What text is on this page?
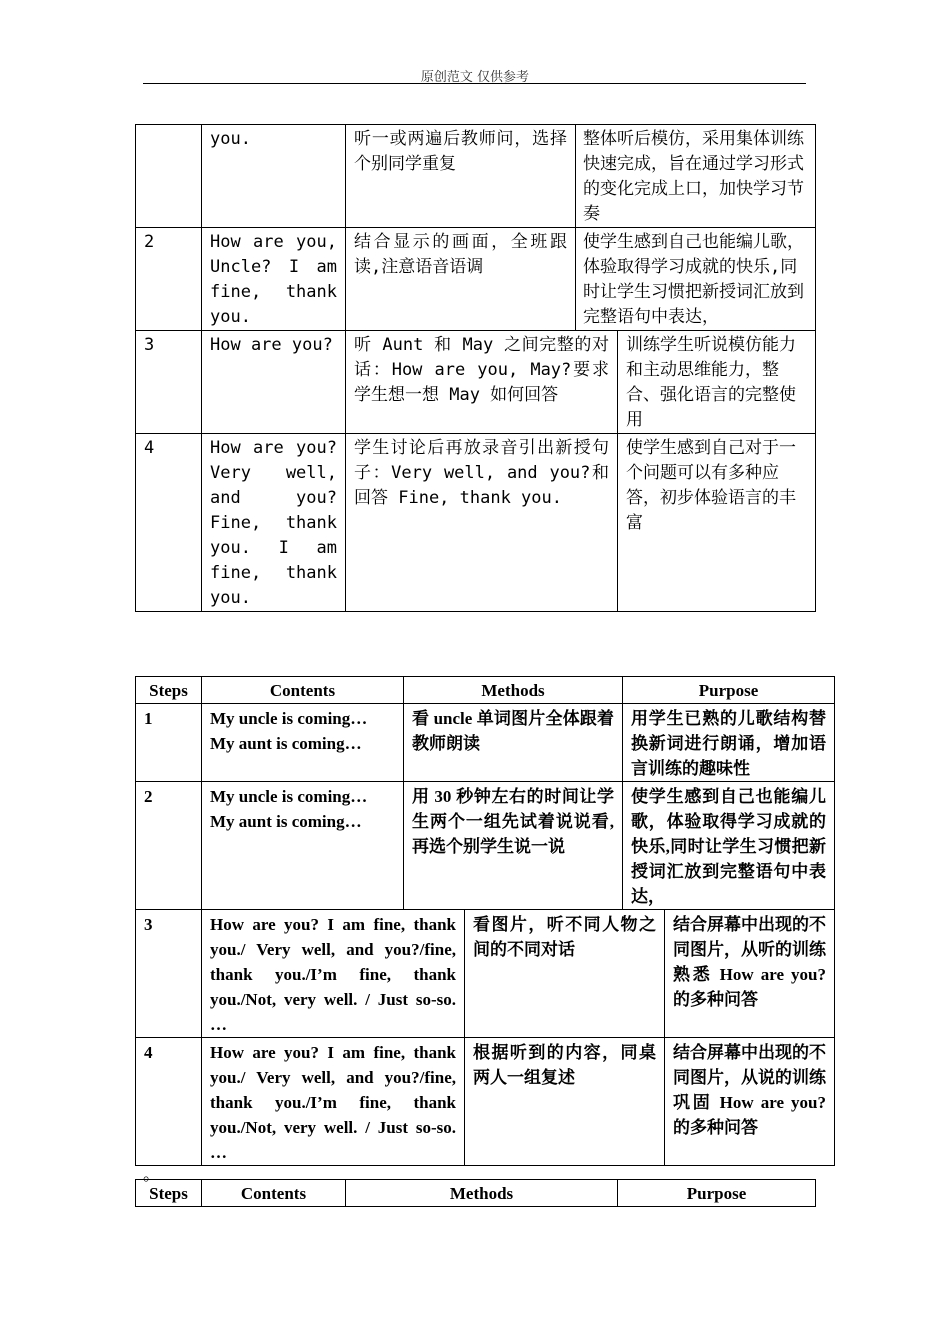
原创范文 仅供参考
	you.	听一或两遍后教师问，选择个别同学重复	整体听后模仿，采用集体训练快速完成，旨在通过学习形式的变化完成上口，加快学习节奏	
2	How are you, Uncle? I am fine, thank you.	结合显示的画面，全班跟读,注意语音语调	使学生感到自己也能编儿歌，体验取得学习成就的快乐,同时让学生习惯把新授词汇放到完整语句中表达，	
3	How are you?	听 Aunt 和 May 之间完整的对话：How are you, May?要求学生想一想 May 如何回答		训练学生听说模仿能力和主动思维能力，整合、强化语言的完整使用
4	How are you? Very well, and you? Fine, thank you. I am fine, thank you.	学生讨论后再放录音引出新授句子：Very well, and you?和回答 Fine, thank you.		使学生感到自己对于一个问题可以有多种应答，初步体验语言的丰富
Steps	Contents	Methods		Purpose	
1	My uncle is coming… My aunt is coming…	看 uncle 单词图片全体跟着教师朗读		用学生已熟的儿歌结构替换新词进行朗诵，增加语言训练的趣味性	
2	My uncle is coming… My aunt is coming…	用 30 秒钟左右的时间让学生两个一组先试着说说看,再选个别学生说一说		使学生感到自己也能编儿歌，体验取得学习成就的快乐,同时让学生习惯把新授词汇放到完整语句中表达，	
3	How are you? I am fine, thank you./ Very well, and you?/fine, thank you./I’m fine, thank you./Not, very well. / Just so-so. …		看图片，听不同人物之间的不同对话		结合屏幕中出现的不同图片，从听的训练熟悉 How are you?的多种问答
4	How are you? I am fine, thank you./ Very well, and you?/fine, thank you./I’m fine, thank you./Not, very well. / Just so-so. …		根据听到的内容，同桌两人一组复述		结合屏幕中出现的不同图片，从说的训练巩固 How are you?的多种问答
。
Steps	Contents	Methods	Purpose
